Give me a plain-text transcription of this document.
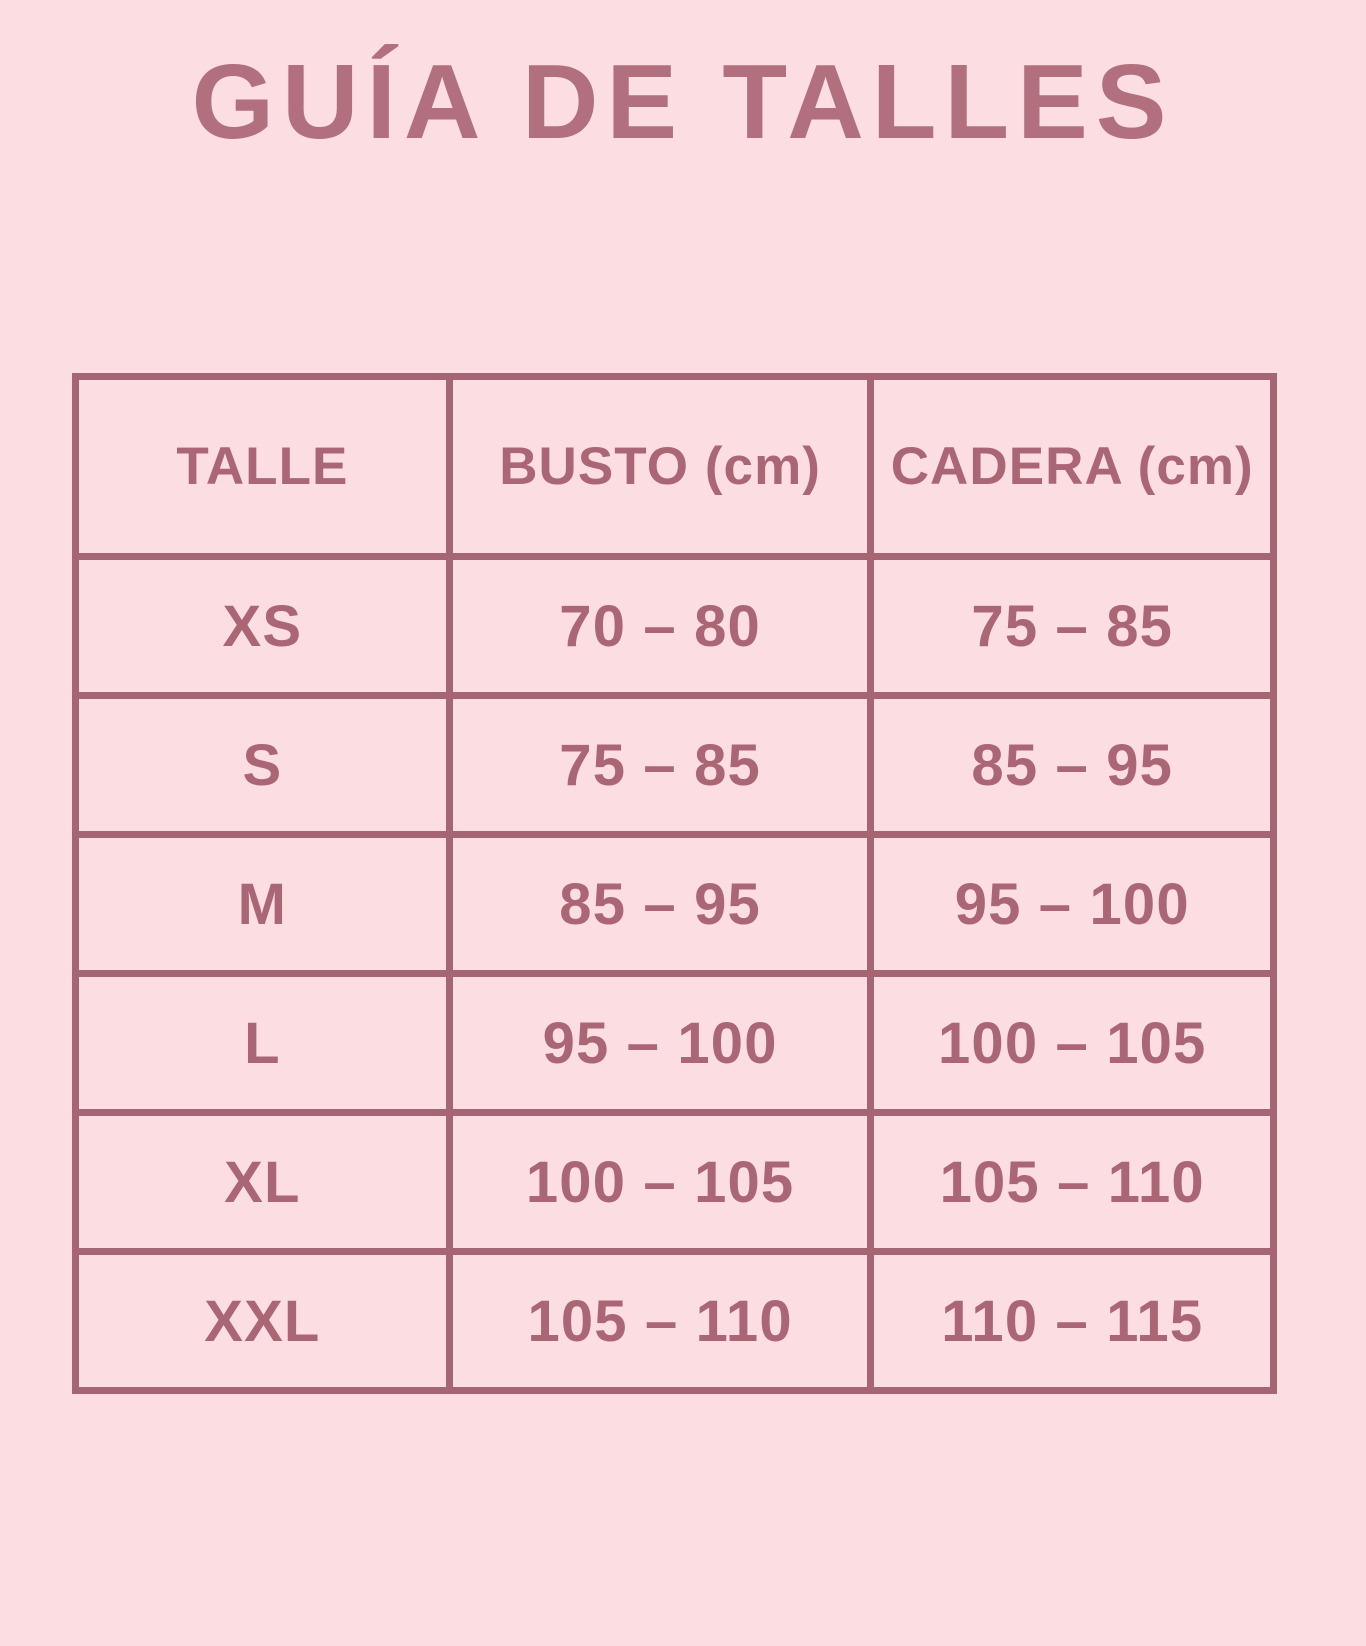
GUÍA DE TALLES
TALLE	BUSTO (cm)	CADERA (cm)
XS	70 – 80	75 – 85
S	75 – 85	85 – 95
M	85 – 95	95 – 100
L	95 – 100	100 – 105
XL	100 – 105	105 – 110
XXL	105 – 110	110 – 115
